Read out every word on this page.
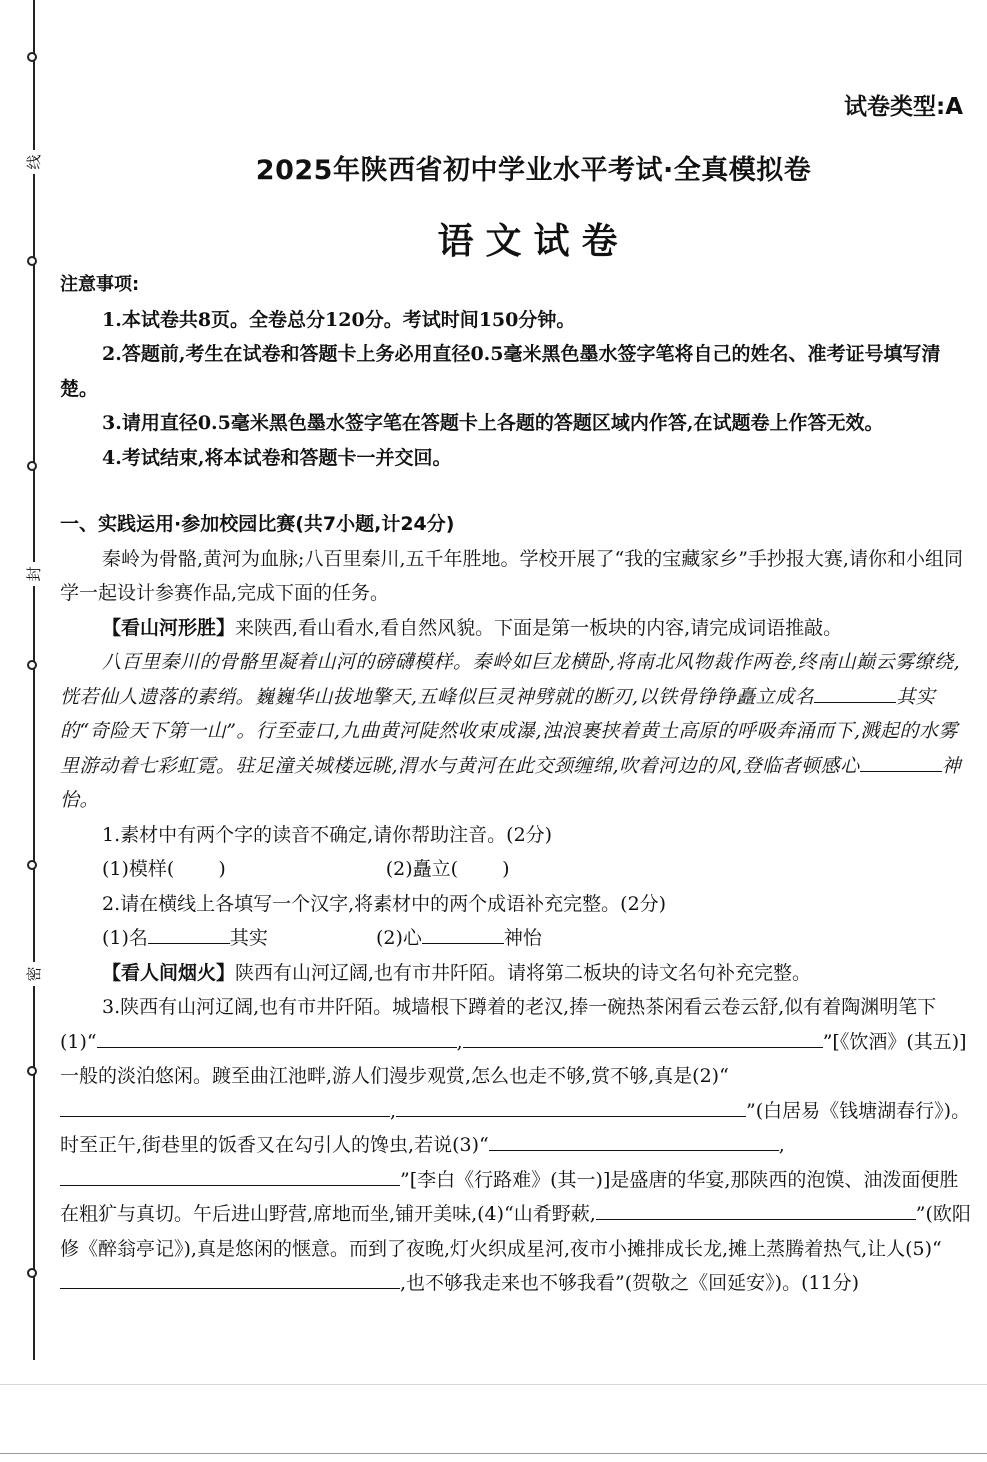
线
封
密
试卷类型:A
2025年陕西省初中学业水平考试·全真模拟卷
语文试卷

注意事项:

1.本试卷共8页。全卷总分120分。考试时间150分钟。

2.答题前,考生在试卷和答题卡上务必用直径0.5毫米黑色墨水签字笔将自己的姓名、准考证号填写清楚。

3.请用直径0.5毫米黑色墨水签字笔在答题卡上各题的答题区域内作答,在试题卷上作答无效。

4.考试结束,将本试卷和答题卡一并交回。

一、实践运用·参加校园比赛(共7小题,计24分)

秦岭为骨骼,黄河为血脉;八百里秦川,五千年胜地。学校开展了“我的宝藏家乡”手抄报大赛,请你和小组同学一起设计参赛作品,完成下面的任务。

【看山河形胜】来陕西,看山看水,看自然风貌。下面是第一板块的内容,请完成词语推敲。

八百里秦川的骨骼里凝着山河的磅礴模样。秦岭如巨龙横卧,将南北风物裁作两卷,终南山巅云雾缭绕,恍若仙人遗落的素绡。巍巍华山拔地擎天,五峰似巨灵神劈就的断刃,以铁骨铮铮矗立成名	其实的“奇险天下第一山”。行至壶口,九曲黄河陡然收束成瀑,浊浪裹挟着黄土高原的呼吸奔涌而下,溅起的水雾里游动着七彩虹霓。驻足潼关城楼远眺,渭水与黄河在此交颈缠绵,吹着河边的风,登临者顿感心	神怡。

1.素材中有两个字的读音不确定,请你帮助注音。(2分)

(1)模样( )	(2)矗立( )

2.请在横线上各填写一个汉字,将素材中的两个成语补充完整。(2分)

(1)名	其实	(2)心	神怡

【看人间烟火】陕西有山河辽阔,也有市井阡陌。请将第二板块的诗文名句补充完整。

3.陕西有山河辽阔,也有市井阡陌。城墙根下蹲着的老汉,捧一碗热茶闲看云卷云舒,似有着陶渊明笔下(1)“	,	”[《饮酒》(其五)]一般的淡泊悠闲。踱至曲江池畔,游人们漫步观赏,怎么也走不够,赏不够,真是(2)“,	”(白居易《钱塘湖春行》)。时至正午,街巷里的饭香又在勾引人的馋虫,若说(3)“	,”[李白《行路难》(其一)]是盛唐的华宴,那陕西的泡馍、油泼面便胜在粗犷与真切。午后进山野营,席地而坐,铺开美味,(4)“山肴野蔌,	”(欧阳修《醉翁亭记》),真是悠闲的惬意。而到了夜晚,灯火织成星河,夜市小摊排成长龙,摊上蒸腾着热气,让人(5)“,也不够我走来也不够我看”(贺敬之《回延安》)。(11分)
